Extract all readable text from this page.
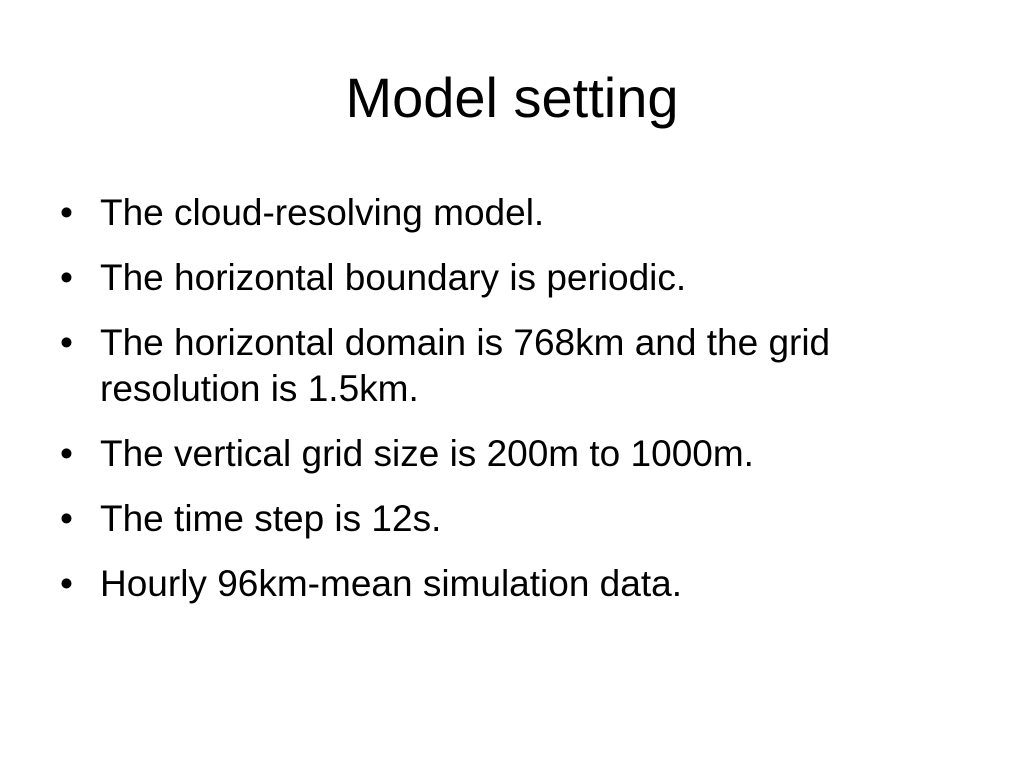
Model setting
• The cloud-resolving model.
• The horizontal boundary is periodic.
• The horizontal domain is 768km and the grid resolution is 1.5km.
• The vertical grid size is 200m to 1000m.
• The time step is 12s.
• Hourly 96km-mean simulation data.
